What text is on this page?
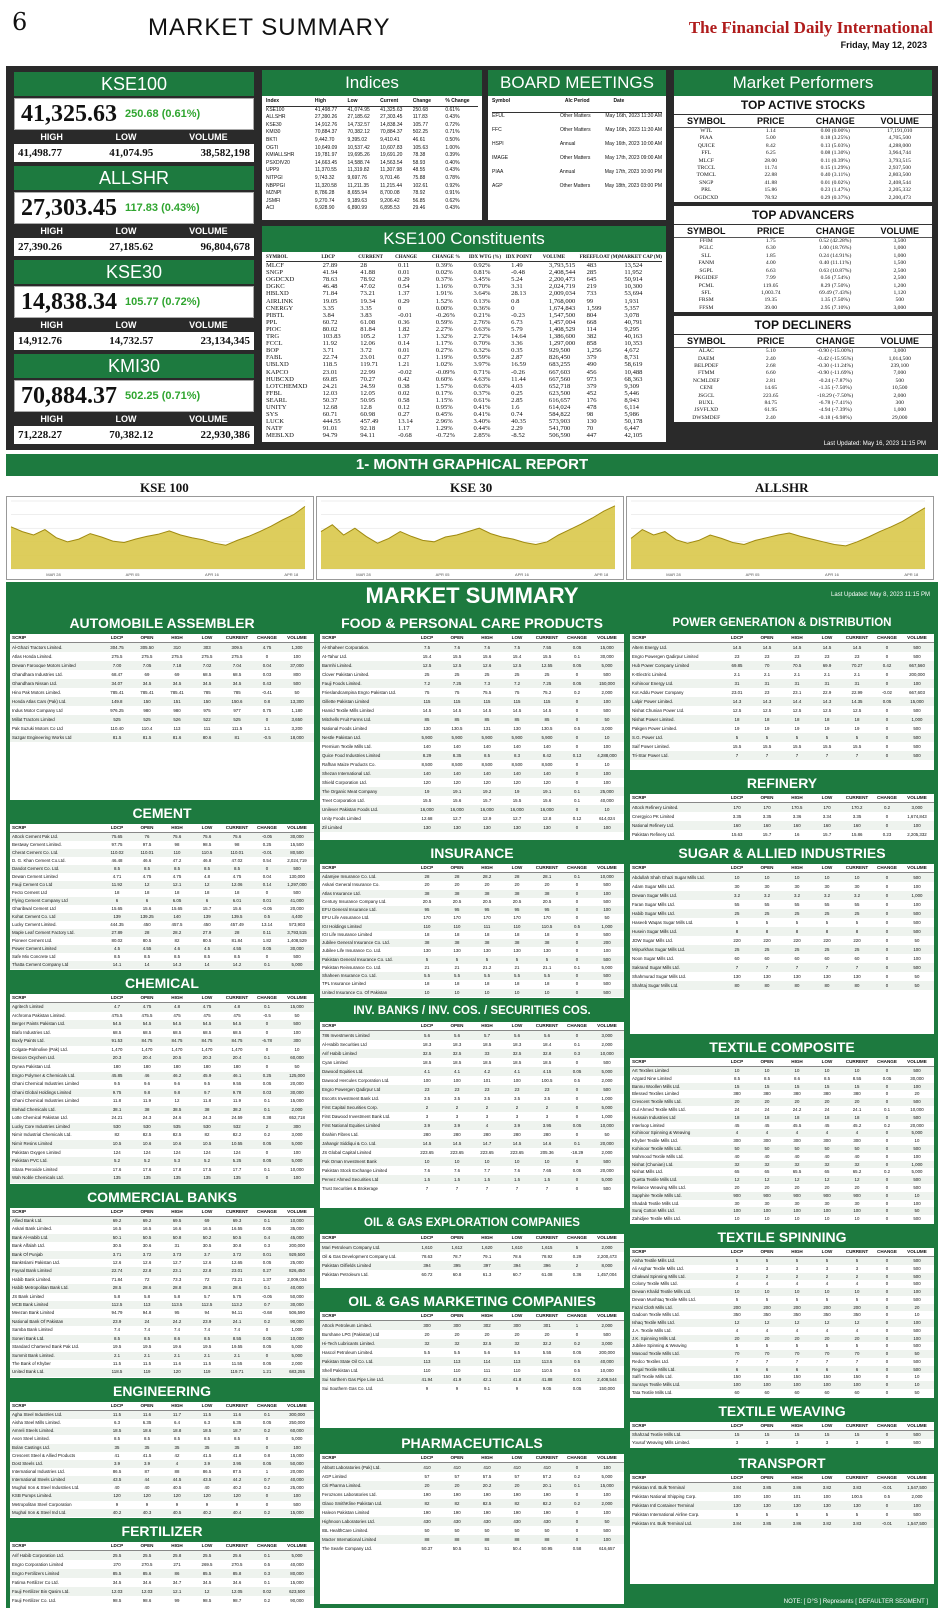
6	MARKET SUMMARY	The Financial Daily International
Friday, May 12, 2023
KSE100
41,325.63 250.68 (0.61%)
HIGH	LOW	VOLUME
41,498.77	41,074.95	38,582,198
ALLSHR
27,303.45 117.83 (0.43%)
HIGH	LOW	VOLUME
27,390.26	27,185.62	96,804,678
KSE30
14,838.34 105.77 (0.72%)
HIGH	LOW	VOLUME
14,912.76	14,732.57	23,134,345
KMI30
70,884.37 502.25 (0.71%)
HIGH	LOW	VOLUME
71,228.27	70,382.12	22,930,386
Indices
Index	High	Low	Current	Change	% Change
KSE100	41,498.77	41,074.95	41,325.63	250.68	0.61%
ALLSHR	27,390.26	27,185.62	27,303.45	117.83	0.43%
KSE30	14,912.76	14,732.57	14,838.34	105.77	0.72%
KMI30	70,884.37	70,382.12	70,884.37	502.25	0.71%
BKTI	9,442.70	9,395.02	9,410.41	46.61	0.50%
OGTI	10,649.09	10,537.42	10,607.83	105.63	1.00%
KMIALLSHR	19,781.97	19,695.26	19,691.20	78.38	0.39%
PSXDIV20	14,663.45	14,588.74	14,563.54	58.93	0.40%
UPP9	11,370.55	11,319.82	11,307.98	48.55	0.43%
NITPGI	9,743.32	9,697.76	9,701.46	75.88	0.78%
NBPPGI	11,320.58	11,211.35	11,215.44	102.61	0.92%
MZNPI	8,786.28	8,655.94	8,700.08	78.92	0.91%
JSMFI	9,270.74	9,189.63	9,206.42	56.85	0.62%
ACI	6,928.90	6,890.99	6,895.53	29.46	0.43%
BOARD MEETINGS
Symbol	Alc Period	Date
EFUL	Other Matters	May 16th, 2023 11:30 AM
FFC	Other Matters	May 16th, 2023 11:30 AM
HSPI	Annual	May 16th, 2023 10:00 AM
IMAGE	Other Matters	May 17th, 2023 09:00 AM
PIAA	Annual	May 17th, 2023 10:00 PM
AGP	Other Matters	May 18th, 2023 03:00 PM
KSE100 Constituents
SYMBOL	LDCP	CURRENT	CHANGE	CHANGE %	IDX WTG (%) IDX POINT	VOLUME	FREEFLOAT (M) MARKET CAP (M)
MLCF	27.89	28	0.11	0.39%	0.92%	1.49	3,793,515	483	13,524
SNGP	41.94	41.88	0.01	0.02%	0.81%	-0.48	2,408,544	285	11,952
OGDCXD	78.63	78.92	0.29	0.37%	3.45%	5.24	2,200,473	645	50,914
DGKC	46.48	47.02	0.54	1.16%	0.70%	3.31	2,024,719	219	10,300
HBLXD	71.84	73.21	1.37	1.91%	3.64%	28.13	2,009,034	733	53,694
AIRLINK	19.05	19.34	0.29	1.52%	0.13%	0.8	1,768,000	99	1,931
CNERGY	3.35	3.35	0	0.00%	0.36%	0	1,674,843	1,599	5,357
PIBTL	3.84	3.83	-0.01	-0.26%	0.21%	-0.23	1,547,500	804	3,078
PPL	60.72	61.08	0.36	0.59%	2.76%	6.73	1,457,004	668	40,791
PIOC	80.02	81.84	1.82	2.27%	0.63%	5.79	1,408,529	114	9,295
TRG	103.83	105.2	1.37	1.32%	2.72%	14.64	1,386,600	382	40,163
FCCL	11.92	12.06	0.14	1.17%	0.70%	3.36	1,297,000	858	10,353
BOP	3.71	3.72	0.01	0.27%	0.32%	0.35	929,500	1,256	4,672
FABL	22.74	23.01	0.27	1.19%	0.59%	2.87	826,450	379	8,731
UBLXD	118.5	119.71	1.21	1.02%	3.97%	16.59	683,255	490	58,619
KAPCO	23.01	22.99	-0.02	-0.09%	0.71%	-0.26	667,603	456	10,488
HUBCXD	69.85	70.27	0.42	0.60%	4.63%	11.44	667,560	973	68,363
LOTCHEMXD	24.21	24.59	0.38	1.57%	0.63%	4.03	652,718	379	9,309
FFBL	12.03	12.05	0.02	0.17%	0.37%	0.25	623,500	452	5,446
SEARL	50.37	50.95	0.58	1.15%	0.61%	2.85	616,657	176	8,943
UNITY	12.68	12.8	0.12	0.95%	0.41%	1.6	614,024	478	6,114
SYS	60.71	60.98	0.27	0.45%	0.41%	0.74	584,822	98	5,986
LUCK	444.55	457.49	13.14	2.96%	3.40%	40.35	573,903	130	50,178
NATF	91.01	92.18	1.17	1.29%	0.44%	2.29	541,700	70	6,447
MEBLXD	94.79	94.11	-0.68	-0.72%	2.85%	-8.52	506,590	447	42,105
Market Performers
TOP ACTIVE STOCKS
SYMBOL	PRICE	CHANGE	VOLUME
WTL	1.14	0.00 (0.00%)	17,191,010
PIAA	5.00	0.18 (3.25%)	4,705,500
QUICE	8.42	0.13 (5.03%)	4,288,000
FFL	6.25	0.08 (1.30%)	3,964,744
MLCF	28.00	0.11 (0.39%)	3,793,515
TRCCL	11.74	0.15 (1.29%)	2,937,500
TOMCL	22.88	0.40 (3.11%)	2,803,500
SNGP	41.88	0.01 (0.02%)	2,408,544
PRL	15.86	0.23 (1.47%)	2,205,332
OGDCXD	78.92	0.29 (0.37%)	2,200,473
TOP ADVANCERS
SYMBOL	PRICE	CHANGE	VOLUME
FFIM	1.75	0.52 (42.28%)	3,500
PGLC	6.30	1.00 (18.76%)	1,000
SLL	1.85	0.24 (14.91%)	1,000
FANM	4.00	0.40 (11.11%)	1,500
SGPL	6.63	0.63 (10.87%)	2,500
PKGIDEF	7.99	0.56 (7.54%)	2,500
PCML	119.05	8.29 (7.50%)	1,200
SFL	1,003.74	69.49 (7.43%)	1,120
FRSM	19.35	1.35 (7.50%)	500
FFSM	39.00	2.95 (7.10%)	3,000
TOP DECLINERS
SYMBOL	PRICE	CHANGE	VOLUME
ALAC	5.10	-0.90 (-15.00%)	3,000
DAEM	2.40	-0.42 (-15.95%)	1,014,500
BELPDEF	2.68	-0.30 (-11.24%)	239,100
FTMM	6.60	-0.90 (-11.69%)	7,000
NCMLDEF	2.81	-0.24 (-7.87%)	500
CENI	14.65	-1.35 (-7.50%)	10,500
JSGCL	223.65	-18.29 (-7.50%)	2,000
BUXL	84.75	-6.78 (-7.41%)	300
JSVFLXD	61.95	-4.94 (-7.39%)	1,000
DWSMDEF	2.40	-0.18 (-6.98%)	29,000
Last Updated: May 16, 2023 11:15 PM
1- MONTH GRAPHICAL REPORT
KSE 100
MAR 28	APR 05	APR 16	APR 18
KSE 30
MAR 28	APR 05	APR 16	APR 18
ALLSHR
MAR 28	APR 05	APR 16	APR 18
MARKET SUMMARY	Last Updated: May 8, 2023 11:15 PM
AUTOMOBILE ASSEMBLER
SCRIP	LDCP	OPEN	HIGH	LOW	CURRENT	CHANGE	VOLUME
Al-Ghazi Tractors Limited.	304.75	305.50	310	303	309.5	4.75	1,300
Atlas Honda Limited.	275.5	275.5	275.5	275.5	275.5	0	100
Dewan Farooque Motors Limited	7.00	7.05	7.18	7.02	7.04	0.04	37,000
Ghandhara Industries Ltd.	68.47	69	69	68.5	68.5	0.03	800
Ghandhara Nissan Ltd.	34.07	34.5	34.5	34.5	34.5	0.43	500
Hino Pak Motors Limited.	785.41	785.41	785.41	785	785	-0.41	50
Honda Atlas Cars (Pak) Ltd.	149.8	150	151	150	150.6	0.8	13,300
Indus Motor Company Ltd	976.25	980	980	975	977	0.75	1,180
Millat Tractors Limited	525	525	526	522	525	0	3,650
Pak Suzuki Motors Co Ltd	110.40	110.4	113	111	111.5	1.1	3,200
Sazgar Engineering Works Ltd	81.5	81.5	81.6	80.6	81	-0.5	18,000
CEMENT
SCRIP	LDCP	OPEN	HIGH	LOW	CURRENT	CHANGE	VOLUME
Attock Cement Pak Ltd.	75.65	76	75.6	75.6	75.6	-0.05	30,000
Bestway Cement Limited.	97.75	97.5	98	98.5	98	0.25	15,500
Cherat Cement Co. Ltd.	110.02	110.01	110	110.5	110.01	-0.01	80,500
D. G. Khan Cement Co.Ltd.	46.48	46.6	47.2	46.8	47.02	0.54	2,024,719
Dandot Cement Co. Ltd.	8.5	8.5	8.5	8.5	8.5	0	500
Dewan Cement Limited	4.71	4.75	4.75	4.8	4.75	0.04	130,000
Fauji Cement Co Ltd	11.92	12	12.1	12	12.06	0.14	1,297,000
Fecto Cement Ltd	18	18	18	18	18	0	500
Flying Cement Company Ltd	6	6	6.05	6	6.01	0.01	41,000
Gharibwal Cement Ltd	15.65	15.6	15.65	15.7	15.6	-0.05	20,000
Kohat Cement Co. Ltd	139	139.25	140	139	139.5	0.5	4,400
Lucky Cement Limited.	444.35	450	457.5	450	457.49	13.14	573,903
Maple Leaf Cement Factory Ltd.	27.89	28	28.2	27.9	28	0.11	3,793,515
Pioneer Cement Ltd.	80.02	80.5	82	80.5	81.84	1.82	1,408,529
Power Cement Limited	4.5	4.55	4.6	4.5	4.55	0.05	30,000
Safe Mix Concrete Ltd	8.5	8.5	8.5	8.5	8.5	0	500
Thatta Cement Company Ltd	14.1	14	14.3	14	14.2	0.1	5,000
CHEMICAL
SCRIP	LDCP	OPEN	HIGH	LOW	CURRENT	CHANGE	VOLUME
Agritech Limited	4.7	4.75	4.8	4.75	4.8	0.1	15,000
Archroma Pakistan Limited.	475.5	475.5	475	475	475	-0.5	50
Berger Paints Pakistan Ltd.	54.5	54.5	54.5	54.5	54.5	0	500
Biafo Industries Ltd.	68.5	68.5	68.5	68.5	68.5	0	100
Buxly Paints Ltd.	91.53	84.75	84.75	84.75	84.75	-6.78	300
Colgate-Palmolive (Pak) Ltd.	1,470	1,470	1,470	1,470	1,470	0	10
Descon Oxychem Ltd.	20.3	20.4	20.5	20.3	20.4	0.1	60,000
Dynea Pakistan Ltd.	180	180	180	180	180	0	50
Engro Polymer & Chemicals Ltd.	45.85	46	46.2	45.9	46.1	0.25	125,000
Ghani Chemical Industries Limited	9.5	9.6	9.6	9.5	9.55	0.05	20,000
Ghani Global Holdings Limited	9.75	9.8	9.8	9.7	9.78	0.03	30,000
Ghani Chemical Industries Limited	11.8	11.9	12	11.8	11.9	0.1	15,000
Ittehad Chemicals Ltd.	38.1	38	38.5	38	38.2	0.1	2,000
Lotte Chemical Pakistan Ltd.	24.21	24.3	24.6	24.3	24.59	0.38	652,718
Lucky Core Industries Limited	530	530	535	530	532	2	300
Nimir Industrial Chemicals Ltd.	82	82.5	82.5	82	82.2	0.2	3,000
Nimir Resins Limited	10.5	10.6	10.6	10.5	10.55	0.05	5,000
Pakistan Oxygen Limited	124	124	124	124	124	0	100
Pakistan PVC Ltd.	5.2	5.2	5.3	5.2	5.25	0.05	5,000
Sitara Peroxide Limited	17.6	17.6	17.8	17.5	17.7	0.1	10,000
Wah Noble Chemicals Ltd.	135	135	135	135	135	0	100
COMMERCIAL BANKS
SCRIP	LDCP	OPEN	HIGH	LOW	CURRENT	CHANGE	VOLUME
Allied Bank Ltd.	69.2	69.2	69.5	69	69.3	0.1	10,000
Askari Bank Limited.	16.5	16.5	16.6	16.5	16.55	0.05	35,000
Bank Al-Habib Ltd.	50.1	50.5	50.8	50.2	50.5	0.4	45,000
Bank Alfalah Ltd.	30.5	30.6	31	30.5	30.8	0.3	200,000
Bank Of Punjab	3.71	3.72	3.73	3.7	3.72	0.01	929,500
BankIslami Pakistan Ltd.	12.6	12.6	12.7	12.6	12.65	0.05	25,000
Faysal Bank Limited	22.74	22.8	23.1	22.8	23.01	0.27	826,450
Habib Bank Limited.	71.84	72	73.3	72	73.21	1.37	2,009,034
Habib Metropolitan Bank Ltd.	28.5	28.6	28.8	28.5	28.6	0.1	40,000
JS Bank Limited	5.8	5.8	5.8	5.7	5.75	-0.05	50,000
MCB Bank Limited	112.5	113	113.5	112.5	113.2	0.7	30,000
Meezan Bank Limited	94.79	94.8	95	94	94.11	-0.68	506,590
National Bank Of Pakistan	23.9	24	24.2	23.9	24.1	0.2	90,000
Samba Bank Limited	7.4	7.4	7.4	7.4	7.4	0	1,000
Soneri Bank Ltd.	8.5	8.5	8.6	8.5	8.55	0.05	10,000
Standard Chartered Bank Pak Ltd.	19.5	19.5	19.6	19.5	19.55	0.05	5,000
Summit Bank Limited.	2.1	2.1	2.1	2.1	2.1	0	5,000
The Bank of Khyber	11.5	11.5	11.6	11.5	11.55	0.05	2,000
United Bank Ltd.	118.5	119	120	119	119.71	1.21	683,255
ENGINEERING
SCRIP	LDCP	OPEN	HIGH	LOW	CURRENT	CHANGE	VOLUME
Agha Steel Industries Ltd.	11.5	11.6	11.7	11.5	11.6	0.1	300,000
Aisha Steel Mills Limited.	6.3	6.35	6.4	6.3	6.35	0.05	250,000
Amreli Steels Limited.	18.5	18.6	18.8	18.5	18.7	0.2	60,000
Avon Steel Limited.	8.5	8.5	8.5	8.5	8.5	0	5,000
Bolan Castings Ltd.	35	35	35	35	35	0	100
Crescent Steel & Allied Products	41	41.5	42	41.5	41.8	0.8	15,000
Dost Steels Ltd.	3.9	3.9	4	3.9	3.95	0.05	50,000
International Industries Ltd.	86.5	87	88	86.5	87.5	1	20,000
International Steels Limited	43.5	44	44.5	43.5	44.2	0.7	40,000
Mughal Iron & Steel Industries Ltd.	40	40	40.5	40	40.2	0.2	25,000
KSB Pumps Limited.	120	120	120	120	120	0	100
Metropolitan Steel Corporation	9	9	9	9	9	0	500
Mughal Iron & Steel Ind Ltd.	40.2	40.3	40.5	40.2	40.4	0.2	15,000
FERTILIZER
SCRIP	LDCP	OPEN	HIGH	LOW	CURRENT	CHANGE	VOLUME
Arif Habib Corporation Ltd.	25.5	25.5	25.8	25.5	25.6	0.1	5,000
Engro Corporation Limited	270	270.5	271	269.5	270.5	0.5	40,000
Engro Fertilizers Limited	85.5	85.6	86	85.5	85.8	0.3	80,000
Fatima Fertilizer Co Ltd.	34.5	34.6	34.7	34.5	34.6	0.1	15,000
Fauji Fertilizer Bin Qasim Ltd.	12.03	12.03	12.1	12	12.05	0.02	623,500
Fauji Fertilizer Co. Ltd.	98.5	98.6	99	98.5	98.7	0.2	90,000
FOOD & PERSONAL CARE PRODUCTS
SCRIP	LDCP	OPEN	HIGH	LOW	CURRENT	CHANGE	VOLUME
Al-Shaheer Corporation.	7.5	7.6	7.6	7.5	7.55	0.05	15,000
At-Tahur Ltd.	15.4	15.5	15.6	15.4	15.5	0.1	30,000
Barmhi Limited.	12.5	12.5	12.6	12.5	12.55	0.05	5,000
Clover Pakistan Limited.	25	25	25	25	25	0	500
Fauji Foods Limited.	7.2	7.25	7.3	7.2	7.25	0.05	150,000
Frieslandcampina Engro Pakistan Ltd.	75	75	75.5	75	75.2	0.2	2,000
Gillette Pakistan Limited	115	115	115	115	115	0	100
Hamid Textile Mills Limited	14.5	14.5	14.5	14.5	14.5	0	500
Mitchells Fruit Farms Ltd.	85	85	85	85	85	0	50
National Foods Limited	130	130.5	131	130	130.5	0.5	3,000
Nestle Pakistan Ltd.	5,900	5,900	5,900	5,900	5,900	0	10
Premium Textile Mills Ltd.	140	140	140	140	140	0	100
Quice Food Industries Limited	8.29	8.35	8.5	8.3	8.42	0.13	4,288,000
Rafhan Maize Products Co.	8,500	8,500	8,500	8,500	8,500	0	10
Shezan International Ltd.	140	140	140	140	140	0	100
Shield Corporation Ltd.	120	120	120	120	120	0	100
The Organic Meat Company	19	19.1	19.2	19	19.1	0.1	25,000
Treet Corporation Ltd.	15.5	15.6	15.7	15.5	15.6	0.1	40,000
Unilever Pakistan Foods Ltd.	16,000	16,000	16,000	16,000	16,000	0	10
Unity Foods Limited	12.68	12.7	12.9	12.7	12.8	0.12	614,024
Zil Limited	130	130	130	130	130	0	100
INSURANCE
SCRIP	LDCP	OPEN	HIGH	LOW	CURRENT	CHANGE	VOLUME
Adamjee Insurance Co. Ltd.	28	28	28.2	28	28.1	0.1	10,000
Askari General Insurance Co.	20	20	20	20	20	0	500
Atlas Insurance Ltd.	38	38	38	38	38	0	100
Century Insurance Company Ltd.	20.5	20.5	20.5	20.5	20.5	0	500
EFU General Insurance Ltd.	95	95	95	95	95	0	100
EFU Life Assurance Ltd.	170	170	170	170	170	0	50
IGI Holdings Limited	110	110	111	110	110.5	0.5	1,000
IGI Life Insurance Limited	18	18	18	18	18	0	500
Jubilee General Insurance Co. Ltd.	38	38	38	38	38	0	200
Jubilee Life Insurance Co. Ltd.	130	130	130	130	130	0	100
Pakistan General Insurance Co. Ltd.	5	5	5	5	5	0	500
Pakistan Reinsurance Co. Ltd.	21	21	21.2	21	21.1	0.1	5,000
Shaheen Insurance Co. Ltd.	5.5	5.5	5.5	5.5	5.5	0	500
TPL Insurance Limited	18	18	18	18	18	0	500
United Insurance Co. Of Pakistan	10	10	10	10	10	0	500
INV. BANKS / INV. COS. / SECURITIES COS.
SCRIP	LDCP	OPEN	HIGH	LOW	CURRENT	CHANGE	VOLUME
786 Investments Limited	5.6	5.6	5.7	5.6	5.6	0	3,000
Al-Habib Securities Ltd	18.3	18.3	18.5	18.3	18.4	0.1	2,000
Arif Habib Limited	32.5	32.5	33	32.5	32.8	0.3	10,000
Cyan Limited	18.5	18.5	18.5	18.5	18.5	0	500
Dawood Equities Ltd.	4.1	4.1	4.2	4.1	4.15	0.05	5,000
Dawood Hercules Corporation Ltd.	100	100	101	100	100.5	0.5	2,000
Engro Powergen Qadirpur Ltd	23	23	23	23	23	0	500
Escorts Investment Bank Ltd.	3.5	3.5	3.5	3.5	3.5	0	1,000
First Capital Securities Corp.	2	2	2	2	2	0	5,000
First Dawood Investment Bank Ltd.	3	3	3	3	3	0	1,000
First National Equities Limited	3.9	3.9	4	3.9	3.95	0.05	10,000
Ibrahim Fibres Ltd.	280	280	280	280	280	0	50
Jahangir Siddiqui & Co. Ltd.	14.5	14.5	14.7	14.5	14.6	0.1	20,000
JS Global Capital Limited	223.65	223.65	223.65	223.65	205.36	-18.29	2,000
Pak Oman Investment Bank	10	10	10	10	10	0	500
Pakistan Stock Exchange Limited	7.6	7.6	7.7	7.6	7.65	0.05	20,000
Pervez Ahmed Securities Ltd	1.5	1.5	1.5	1.5	1.5	0	5,000
Trust Securities & Brokerage	7	7	7	7	7	0	500
OIL & GAS EXPLORATION COMPANIES
SCRIP	LDCP	OPEN	HIGH	LOW	CURRENT	CHANGE	VOLUME
Mari Petroleum Company Ltd.	1,610	1,612	1,620	1,610	1,615	5	2,000
Oil & Gas Development Company Ltd.	78.63	78.7	79.1	78.6	78.92	0.29	2,200,473
Pakistan Oilfields Limited	394	395	397	394	396	2	8,000
Pakistan Petroleum Ltd.	60.72	60.8	61.3	60.7	61.08	0.36	1,457,004
OIL & GAS MARKETING COMPANIES
SCRIP	LDCP	OPEN	HIGH	LOW	CURRENT	CHANGE	VOLUME
Attock Petroleum Limited.	300	300	302	300	301	1	2,000
Burshane LPG (Pakistan) Ltd	20	20	20	20	20	0	500
Hi-Tech Lubricants Limited.	32	32	32.5	32	32.2	0.2	3,000
Hascol Petroleum Limited.	5.5	5.5	5.6	5.5	5.55	0.05	200,000
Pakistan State Oil Co. Ltd.	113	113	114	113	113.5	0.5	40,000
Shell Pakistan Ltd.	110	110	111	110	110.5	0.5	10,000
Sui Northern Gas Pipe Line Ltd.	41.94	41.9	42.1	41.8	41.88	0.01	2,408,544
Sui Southern Gas Co. Ltd.	9	9	9.1	9	9.05	0.05	150,000
PHARMACEUTICALS
SCRIP	LDCP	OPEN	HIGH	LOW	CURRENT	CHANGE	VOLUME
Abbott Laboratories (Pak) Ltd.	410	410	410	410	410	0	100
AGP Limited	57	57	57.5	57	57.2	0.2	5,000
Citi Pharma Limited.	20	20	20.2	20	20.1	0.1	15,000
Ferozsons Laboratories Ltd.	190	190	190	190	190	0	100
Glaxo SmithKline Pakistan Ltd.	82	82	82.5	82	82.2	0.2	2,000
Haleon Pakistan Limited	190	190	190	190	190	0	100
Highnoon Laboratories Ltd.	430	430	430	430	430	0	50
IBL HealthCare Limited.	50	50	50	50	50	0	500
Macter International Limited	88	88	88	88	88	0	100
The Searle Company Ltd.	50.37	50.5	51	50.4	50.95	0.58	616,657
POWER GENERATION & DISTRIBUTION
SCRIP	LDCP	OPEN	HIGH	LOW	CURRENT	CHANGE	VOLUME
Altern Energy Ltd.	14.5	14.5	14.5	14.5	14.5	0	500
Engro Powergen Qadirpur Limited	23	23	23	23	23	0	500
Hub Power Company Limited	69.85	70	70.5	69.9	70.27	0.42	667,560
K-Electric Limited.	2.1	2.1	2.1	2.1	2.1	0	200,000
Kohinoor Energy Ltd.	31	31	31	31	31	0	100
Kot Addu Power Company	23.01	23	23.1	22.9	22.99	-0.02	667,603
Lalpir Power Limited.	14.3	14.3	14.4	14.3	14.35	0.05	15,000
Nishat Chunian Power Ltd.	12.5	12.5	12.5	12.5	12.5	0	500
Nishat Power Limited.	18	18	18	18	18	0	1,000
Pakgen Power Limited.	19	19	19	19	19	0	500
S.G. Power Ltd.	5	5	5	5	5	0	500
Saif Power Limited.	15.5	15.5	15.5	15.5	15.5	0	500
Tri-Star Power Ltd.	7	7	7	7	7	0	500
REFINERY
SCRIP	LDCP	OPEN	HIGH	LOW	CURRENT	CHANGE	VOLUME
Attock Refinery Limited.	170	170	170.5	170	170.2	0.2	3,000
Cnergyico PK Limited	3.35	3.35	3.36	3.34	3.35	0	1,674,843
National Refinery Ltd.	160	160	160	160	160	0	100
Pakistan Refinery Ltd.	15.63	15.7	16	15.7	15.86	0.23	2,205,332
SUGAR & ALLIED INDUSTRIES
SCRIP	LDCP	OPEN	HIGH	LOW	CURRENT	CHANGE	VOLUME
Abdullah Shah Ghazi Sugar Mills Ltd.	10	10	10	10	10	0	500
Adam Sugar Mills Ltd.	30	30	30	30	30	0	100
Dewan Sugar Mills Ltd.	3.2	3.2	3.2	3.2	3.2	0	1,000
Faran Sugar Mills Ltd.	55	55	55	55	55	0	100
Habib Sugar Mills Ltd.	25	25	25	25	25	0	500
Haseeb Waqas Sugar Mills Ltd.	5	5	5	5	5	0	500
Husein Sugar Mills Ltd.	8	8	8	8	8	0	500
JDW Sugar Mills Ltd.	220	220	220	220	220	0	50
Mirpurkhas Sugar Mills Ltd.	25	25	25	25	25	0	100
Noon Sugar Mills Ltd.	60	60	60	60	60	0	100
Sakrand Sugar Mills Ltd.	7	7	7	7	7	0	500
Shahmurad Sugar Mills Ltd.	130	130	130	130	130	0	50
Shahtaj Sugar Mills Ltd.	80	80	80	80	80	0	50
TEXTILE COMPOSITE
SCRIP	LDCP	OPEN	HIGH	LOW	CURRENT	CHANGE	VOLUME
Art Textiles Limited	10	10	10	10	10	0	500
Azgard Nine Limited	8.5	8.5	8.6	8.5	8.55	0.05	30,000
Bannu Woollen Mills Ltd.	15	15	15	15	15	0	100
Blessed Textiles Limited	380	380	380	380	380	0	20
Crescent Textile Mills Ltd.	20	20	20	20	20	0	500
Gul Ahmed Textile Mills Ltd.	24	24	24.2	24	24.1	0.1	10,000
Hussain Industries Ltd	18	18	18	18	18	0	500
Interloop Limited	45	45	45.5	45	45.2	0.2	20,000
Kohinoor Spinning & Weaving	4	4	4	4	4	0	5,000
Khyber Textile Mills Ltd.	300	300	300	300	300	0	10
Kohinoor Textile Mills Ltd.	50	50	50	50	50	0	500
Mahmood Textile Mills Ltd.	40	40	40	40	40	0	100
Nishat (Chunian) Ltd.	32	32	32	32	32	0	1,000
Nishat Mills Ltd.	65	65	65.5	65	65.2	0.2	5,000
Quetta Textile Mills Ltd.	12	12	12	12	12	0	500
Reliance Weaving Mills Ltd.	20	20	20	20	20	0	500
Sapphire Textile Mills Ltd.	900	900	900	900	900	0	10
Shadab Textile Mills Ltd.	30	30	30	30	30	0	100
Suraj Cotton Mills Ltd.	100	100	100	100	100	0	50
Zahidjee Textile Mills Ltd.	10	10	10	10	10	0	500
TEXTILE SPINNING
SCRIP	LDCP	OPEN	HIGH	LOW	CURRENT	CHANGE	VOLUME
Aisha Textile Mills Ltd.	5	5	5	5	5	0	500
Ali Asghar Textile Mills Ltd.	3	3	3	3	3	0	500
Chakwal Spinning Mills Ltd.	2	2	2	2	2	0	500
Colony Textile Mills Ltd.	4	4	4	4	4	0	500
Dewan Khalid Textile Mills Ltd.	10	10	10	10	10	0	100
Dewan Mushtaq Textile Mills Ltd.	5	5	5	5	5	0	500
Fazal Cloth Mills Ltd.	200	200	200	200	200	0	20
Gadoon Textile Mills Ltd.	350	350	350	350	350	0	10
Ishaq Textile Mills Ltd.	12	12	12	12	12	0	100
J.A. Textile Mills Ltd.	4	4	4	4	4	0	500
J.K. Spinning Mills Ltd.	20	20	20	20	20	0	100
Jubilee Spinning & Weaving	5	5	5	5	5	0	500
Masood Textile Mills Ltd.	70	70	70	70	70	0	50
Redco Textiles Ltd.	7	7	7	7	7	0	500
Regal Textile Mills Ltd.	6	6	6	6	6	0	500
Salfi Textile Mills Ltd.	150	150	150	150	150	0	10
Sunrays Textile Mills Ltd.	100	100	100	100	100	0	10
Tata Textile Mills Ltd.	60	60	60	60	60	0	50
TEXTILE WEAVING
SCRIP	LDCP	OPEN	HIGH	LOW	CURRENT	CHANGE	VOLUME
Shahzad Textile Mills Ltd.	15	15	15	15	15	0	500
Yousuf Weaving Mills Limited.	3	3	3	3	3	0	500
TRANSPORT
SCRIP	LDCP	OPEN	HIGH	LOW	CURRENT	CHANGE	VOLUME
Pakistan Intl. Bulk Terminal	3.84	3.85	3.86	3.82	3.83	-0.01	1,547,500
Pakistan National Shipping Corp.	100	100	101	100	100.5	0.5	2,000
Pakistan Intl Container Terminal	130	130	130	130	130	0	100
Pakistan International Airline Corp.	5	5	5	5	5	0	500
Pakistan Int. Bulk Terminal Ltd.	3.84	3.85	3.86	3.82	3.83	-0.01	1,547,500
NOTE: [ D°S ] Represents [ DEFAULTER SEGMENT ]
